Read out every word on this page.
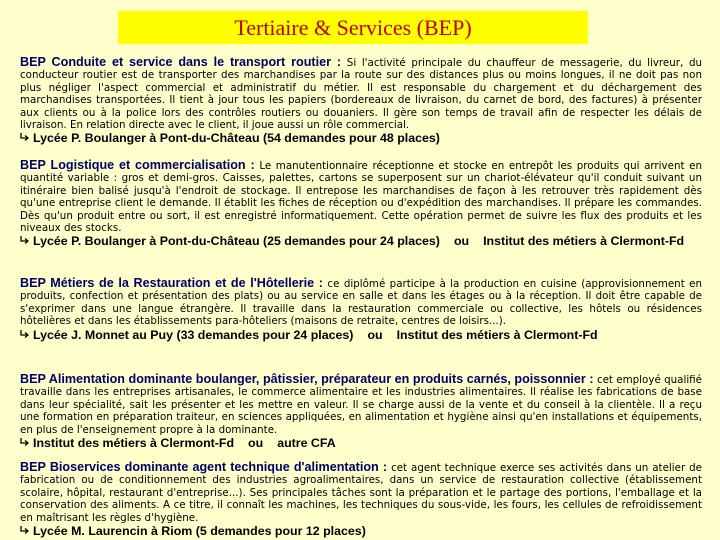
Tertiaire & Services (BEP)

BEP Conduite et service dans le transport routier : Si l'activité principale du chauffeur de messagerie, du livreur, du conducteur routier est de transporter des marchandises par la route sur des distances plus ou moins longues, il ne doit pas non plus négliger l'aspect commercial et administratif du métier. Il est responsable du chargement et du déchargement des marchandises transportées. Il tient à jour tous les papiers (bordereaux de livraison, du carnet de bord, des factures) à présenter aux clients ou à la police lors des contrôles routiers ou douaniers. Il gère son temps de travail afin de respecter les délais de livraison. En relation directe avec le client, il joue aussi un rôle commercial.

Lycée P. Boulanger à Pont-du-Château (54 demandes pour 48 places)

BEP Logistique et commercialisation : Le manutentionnaire réceptionne et stocke en entrepôt les produits qui arrivent en quantité variable : gros et demi-gros. Caisses, palettes, cartons se superposent sur un chariot-élévateur qu'il conduit suivant un itinéraire bien balisé jusqu'à l'endroit de stockage. Il entrepose les marchandises de façon à les retrouver très rapidement dès qu'une entreprise client le demande. Il établit les fiches de réception ou d'expédition des marchandises. Il prépare les commandes. Dès qu'un produit entre ou sort, il est enregistré informatiquement. Cette opération permet de suivre les flux des produits et les niveaux des stocks.

Lycée P. Boulanger à Pont-du-Château (25 demandes pour 24 places) ou Institut des métiers à Clermont-Fd

BEP Métiers de la Restauration et de l'Hôtellerie : ce diplômé participe à la production en cuisine (approvisionnement en produits, confection et présentation des plats) ou au service en salle et dans les étages ou à la réception. Il doit être capable de s'exprimer dans une langue étrangère. Il travaille dans la restauration commerciale ou collective, les hôtels ou résidences hôtelières et dans les établissements para-hôteliers (maisons de retraite, centres de loisirs...).

Lycée J. Monnet au Puy (33 demandes pour 24 places) ou Institut des métiers à Clermont-Fd

BEP Alimentation dominante boulanger, pâtissier, préparateur en produits carnés, poissonnier : cet employé qualifié travaille dans les entreprises artisanales, le commerce alimentaire et les industries alimentaires. Il réalise les fabrications de base dans leur spécialité, sait les présenter et les mettre en valeur. Il se charge aussi de la vente et du conseil à la clientèle. Il a reçu une formation en préparation traiteur, en sciences appliquées, en alimentation et hygiène ainsi qu'en installations et équipements, en plus de l'enseignement propre à la dominante.

Institut des métiers à Clermont-Fd ou autre CFA

BEP Bioservices dominante agent technique d'alimentation : cet agent technique exerce ses activités dans un atelier de fabrication ou de conditionnement des industries agroalimentaires, dans un service de restauration collective (établissement scolaire, hôpital, restaurant d'entreprise...). Ses principales tâches sont la préparation et le partage des portions, l'emballage et la conservation des aliments. A ce titre, il connaît les machines, les techniques du sous-vide, les fours, les cellules de refroidissement en maîtrisant les règles d'hygiène.

Lycée M. Laurencin à Riom (5 demandes pour 12 places)
